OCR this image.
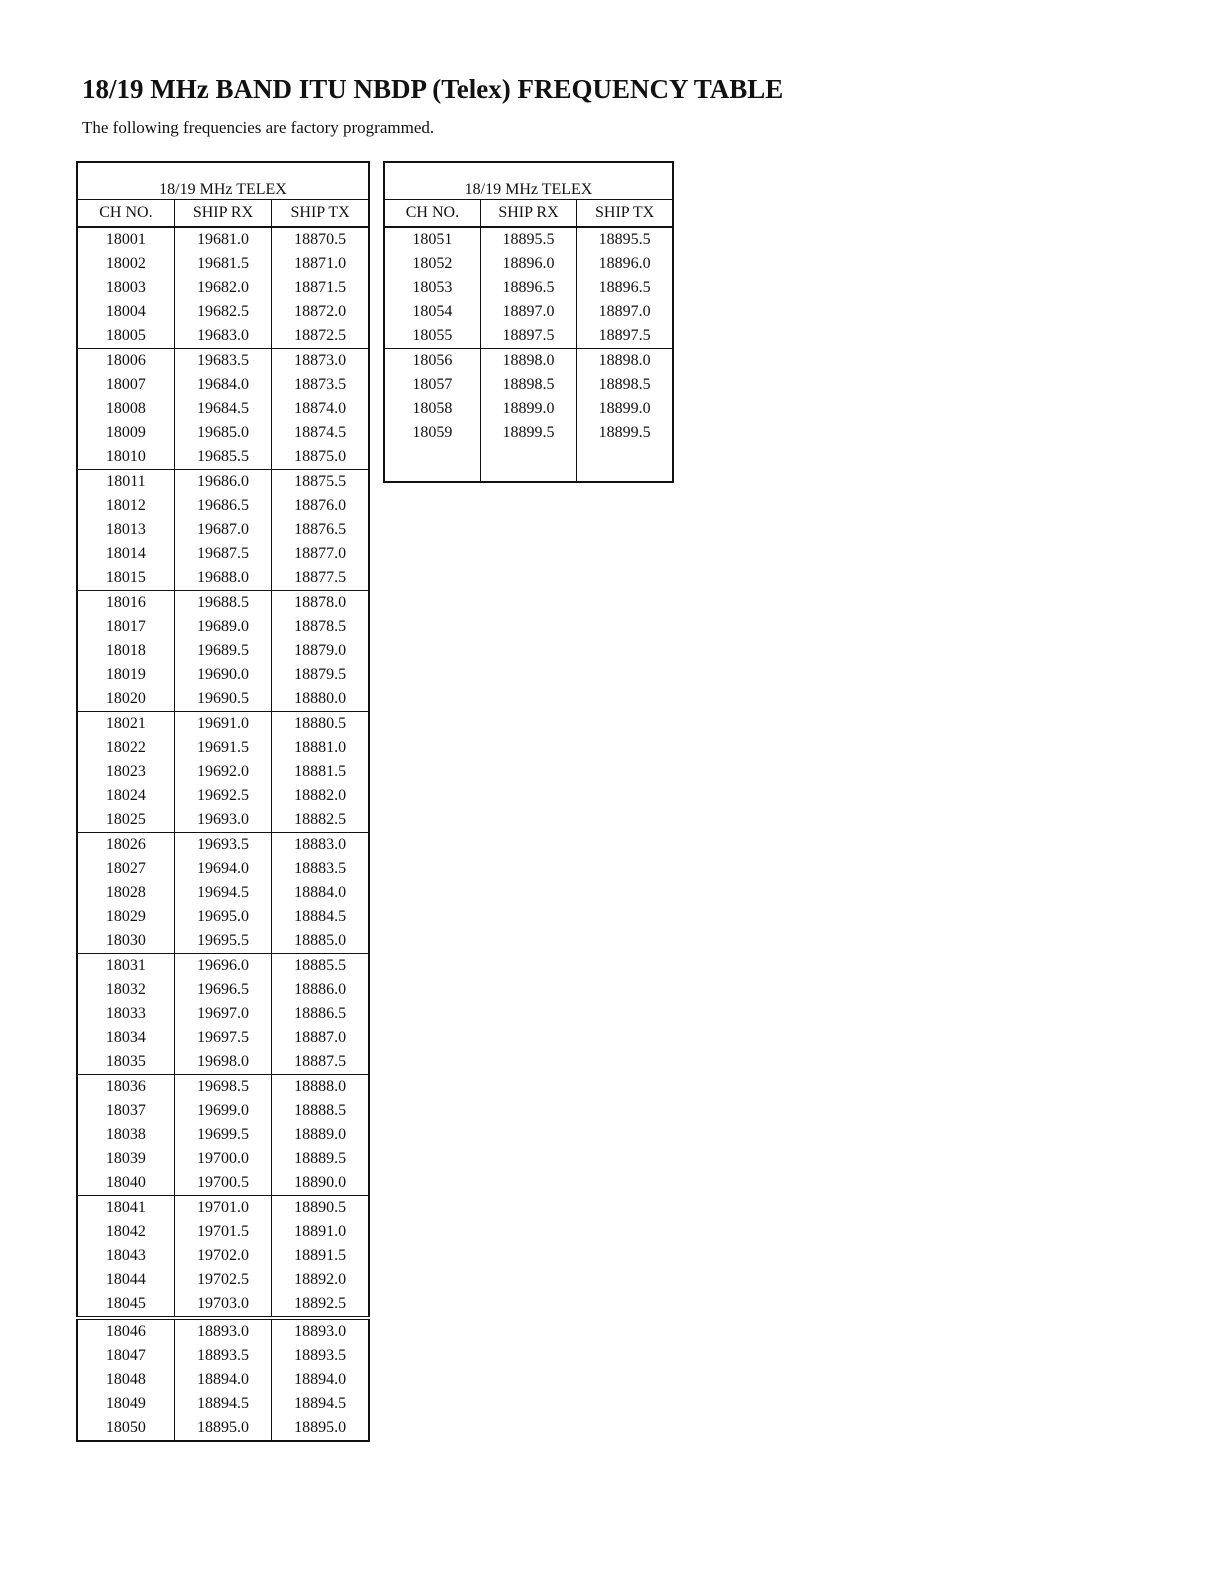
18/19 MHz BAND ITU NBDP (Telex) FREQUENCY TABLE

The following frequencies are factory programmed.

18/19 MHz TELEX		
CH NO.	SHIP RX	SHIP TX
18001	19681.0	18870.5
18002	19681.5	18871.0
18003	19682.0	18871.5
18004	19682.5	18872.0
18005	19683.0	18872.5
18006	19683.5	18873.0
18007	19684.0	18873.5
18008	19684.5	18874.0
18009	19685.0	18874.5
18010	19685.5	18875.0
18011	19686.0	18875.5
18012	19686.5	18876.0
18013	19687.0	18876.5
18014	19687.5	18877.0
18015	19688.0	18877.5
18016	19688.5	18878.0
18017	19689.0	18878.5
18018	19689.5	18879.0
18019	19690.0	18879.5
18020	19690.5	18880.0
18021	19691.0	18880.5
18022	19691.5	18881.0
18023	19692.0	18881.5
18024	19692.5	18882.0
18025	19693.0	18882.5
18026	19693.5	18883.0
18027	19694.0	18883.5
18028	19694.5	18884.0
18029	19695.0	18884.5
18030	19695.5	18885.0
18031	19696.0	18885.5
18032	19696.5	18886.0
18033	19697.0	18886.5
18034	19697.5	18887.0
18035	19698.0	18887.5
18036	19698.5	18888.0
18037	19699.0	18888.5
18038	19699.5	18889.0
18039	19700.0	18889.5
18040	19700.5	18890.0
18041	19701.0	18890.5
18042	19701.5	18891.0
18043	19702.0	18891.5
18044	19702.5	18892.0
18045	19703.0	18892.5
18046	18893.0	18893.0
18047	18893.5	18893.5
18048	18894.0	18894.0
18049	18894.5	18894.5
18050	18895.0	18895.0
18/19 MHz TELEX		
CH NO.	SHIP RX	SHIP TX
18051	18895.5	18895.5
18052	18896.0	18896.0
18053	18896.5	18896.5
18054	18897.0	18897.0
18055	18897.5	18897.5
18056	18898.0	18898.0
18057	18898.5	18898.5
18058	18899.0	18899.0
18059	18899.5	18899.5
